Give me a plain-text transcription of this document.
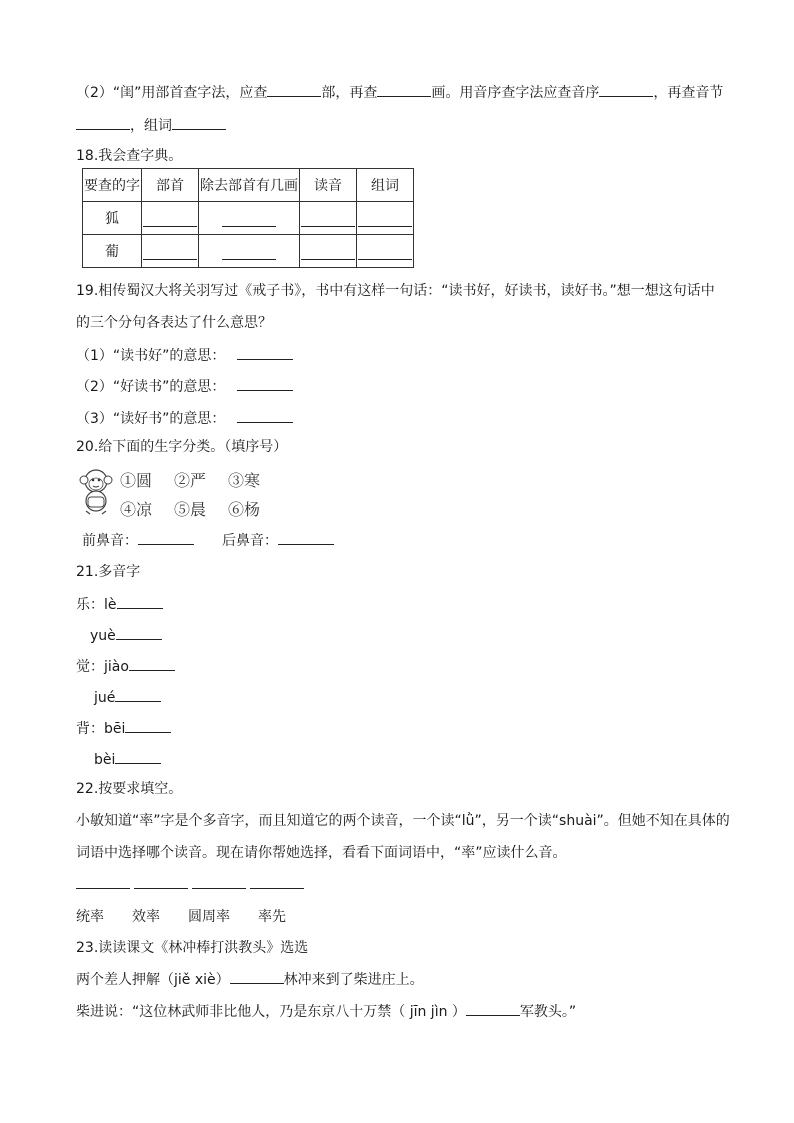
（2）“闺”用部首查字法，应查	部，再查	画。用音序查字法应查音序	，再查音节
，组词
18.我会查字典。
要查的字	部首	除去部首有几画	读音	组词
狐				
葡				
19.相传蜀汉大将关羽写过《戒子书》，书中有这样一句话：“读书好，好读书，读好书。”想一想这句话中
的三个分句各表达了什么意思？
（1）“读书好”的意思：
（2）“好读书”的意思：
（3）“读好书”的意思：
20.给下面的生字分类。（填序号）
①圆 ②严 ③寒
④凉 ⑤晨 ⑥杨
前鼻音：	后鼻音：
21.多音字
乐：lè
yuè
觉：jiào
jué
背：bēi
bèi
22.按要求填空。
小敏知道“率”字是个多音字，而且知道它的两个读音，一个读“lǜ”，另一个读“shuài”。但她不知在具体的
词语中选择哪个读音。现在请你帮她选择，看看下面词语中，“率”应读什么音。
统率 效率 圆周率 率先
23.读读课文《林冲棒打洪教头》选选
两个差人押解（jiě xiè）	林冲来到了柴进庄上。
柴进说：“这位林武师非比他人，乃是东京八十万禁（ jīn jìn ）	军教头。”
